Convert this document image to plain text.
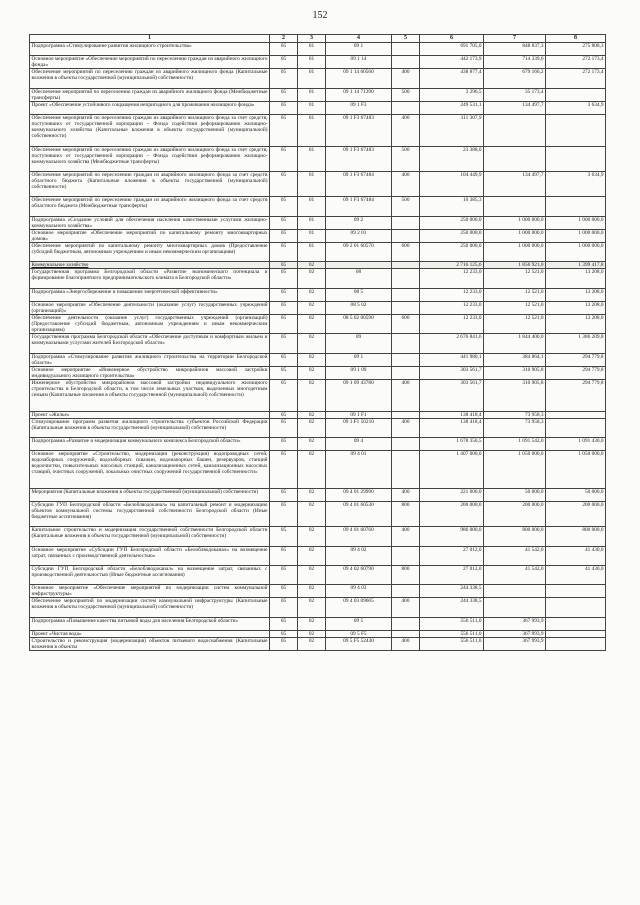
152
1	2	3	4	5	6	7	8
Подпрограмма «Стимулирование развития жилищного строительства»	05	01	09 1		691 705,0	848 837,3	275 808,3
Основное мероприятие «Обеспечение мероприятий по переселению граждан из аварийного жилищного фонда»	05	01	09 1 14		442 173,9	714 339,6	272 173,4
Обеспечение мероприятий по переселению граждан из аварийного жилищного фонда (Капитальные вложения в объекты государственной (муниципальной) собственности)	05	01	09 1 14 60560	400	438 877,4	679 166,2	272 173,4
Обеспечение мероприятий по переселению граждан из аварийного жилищного фонда (Межбюджетные трансферты)	05	01	09 1 14 71390	500	3 296,5	35 173,4	
Проект «Обеспечение устойчивого сокращения непригодного для проживания жилищного фонда»	05	01	09 1 F3		249 531,1	134 497,7	3 634,9
Обеспечение мероприятий по переселению граждан из аварийного жилищного фонда за счет средств, поступивших от государственной корпорации – Фонда содействия реформированию жилищно-коммунального хозяйства (Капитальные вложения в объекты государственной (муниципальной) собственности)	05	01	09 1 F3 67483	400	111 307,9		
Обеспечение мероприятий по переселению граждан из аварийного жилищного фонда за счет средств, поступивших от государственной корпорации – Фонда содействия реформированию жилищно-коммунального хозяйства (Межбюджетные трансферты)	05	01	09 1 F3 67483	500	23 388,0		
Обеспечение мероприятий по переселению граждан из аварийного жилищного фонда за счет средств областного бюджета (Капитальные вложения в объекты государственной (муниципальной) собственности)	05	01	09 1 F3 67484	400	104 449,9	134 497,7	3 634,9
Обеспечение мероприятий по переселению граждан из аварийного жилищного фонда за счет средств областного бюджета (Межбюджетные трансферты)	05	01	09 1 F3 67484	500	10 385,3		
Подпрограмма «Создание условий для обеспечения населения качественными услугами жилищно-коммунального хозяйства»	05	01	09 2		250 000,0	1 000 000,0	1 000 000,0
Основное мероприятие «Обеспечение мероприятий по капитальному ремонту многоквартирных домов»	05	01	09 2 01		250 000,0	1 000 000,0	1 000 000,0
Обеспечение мероприятий по капитальному ремонту многоквартирных домов (Предоставление субсидий бюджетным, автономным учреждениям и иным некоммерческим организациям)	05	01	09 2 01 60570	600	250 000,0	1 000 000,0	1 000 000,0
Коммунальное хозяйство	05	02			2 716 125,6	1 856 921,0	1 399 417,8
Государственная программа Белгородской области «Развитие экономического потенциала и формирование благоприятного предпринимательского климата в Белгородской области»	05	02	08		12 233,0	12 521,0	13 208,0
Подпрограмма «Энергосбережение и повышение энергетической эффективности»	05	02	08 5		12 233,0	12 521,0	13 208,0
Основное мероприятие «Обеспечение деятельности (оказание услуг) государственных учреждений (организаций)»	05	02	08 5 02		12 233,0	12 521,0	13 208,0
Обеспечение деятельности (оказание услуг) государственных учреждений (организаций) (Предоставление субсидий бюджетным, автономным учреждениям и иным некоммерческим организациям)	05	02	08 5 02 00590	600	12 233,0	12 521,0	13 208,0
Государственная программа Белгородской области «Обеспечение доступным и комфортным жильем и коммунальными услугами жителей Белгородской области»	05	02	09		2 676 841,6	1 844 400,0	1 386 209,8
Подпрограмма «Стимулирование развития жилищного строительства на территории Белгородской области»	05	02	09 1		441 980,1	384 864,1	294 779,8
Основное мероприятие «Инженерное обустройство микрорайонов массовой застройки индивидуального жилищного строительства»	05	02	09 1 09		303 561,7	310 905,8	294 779,8
Инженерное обустройство микрорайонов массовой застройки индивидуального жилищного строительства в Белгородской области, в том числе земельных участков, выделенных многодетным семьям (Капитальные вложения в объекты государственной (муниципальной) собственности)	05	02	09 1 09 43780	400	303 561,7	310 905,8	294 779,8
Проект «Жилье»	05	02	09 1 F1		138 418,4	73 958,3	
Стимулирование программ развития жилищного строительства субъектов Российской Федерации (Капитальные вложения в объекты государственной (муниципальной) собственности)	05	02	09 1 F1 50210	400	138 418,4	73 958,3	
Подпрограмма «Развитие и модернизация коммунального комплекса Белгородской области»	05	02	09 4		1 678 350,5	1 091 542,0	1 091 430,0
Основное мероприятие «Строительство, модернизация (реконструкция) водопроводных сетей, водозаборных сооружений, водозаборных скважин, водонапорных башен, резервуаров, станций водоочистки, повысительных насосных станций, канализационных сетей, канализационных насосных станций, очистных сооружений, локальных очистных сооружений государственной собственности»	05	02	09 4 01		1 407 000,0	1 050 000,0	1 050 000,0
Мероприятия (Капитальные вложения в объекты государственной (муниципальной) собственности)	05	02	09 4 01 29990	400	221 000,0	50 000,0	50 000,0
Субсидии ГУП Белгородской области «Белоблводоканал» на капитальный ремонт и модернизацию объектов коммунальной системы государственной собственности Белгородской области (Иные бюджетные ассигнования)	05	02	09 4 01 60530	800	200 000,0	200 000,0	200 000,0
Капитальное строительство и модернизация государственной собственности Белгородской области (Капитальные вложения в объекты государственной (муниципальной) собственности)	05	02	09 4 01 60760	400	986 000,0	800 000,0	800 000,0
Основное мероприятие «Субсидии ГУП Белгородской области «Белоблводоканал» на возмещение затрат, связанных с производственной деятельностью»	05	02	09 4 02		27 012,0	41 542,0	41 430,0
Субсидии ГУП Белгородской области «Белоблводоканал» на возмещение затрат, связанных с производственной деятельностью (Иные бюджетные ассигнования)	05	02	09 4 02 60790	800	27 012,0	41 542,0	41 430,0
Основное мероприятие «Обеспечение мероприятий по модернизации систем коммунальной инфраструктуры»	05	02	09 4 03		244 338,5		
Обеспечение мероприятий по модернизации систем коммунальной инфраструктуры (Капитальные вложения в объекты государственной (муниципальной) собственности)	05	02	09 4 03 09605	400	244 338,5		
Подпрограмма «Повышение качества питьевой воды для населения Белгородской области»	05	02	09 5		556 511,0	367 993,9	
Проект «Чистая вода»	05	02	09 5 F5		556 511,0	367 993,9	
Строительство и реконструкция (модернизация) объектов питьевого водоснабжения (Капитальные вложения в объекты	05	02	09 5 F5 52430	400	556 511,0	367 993,9	
